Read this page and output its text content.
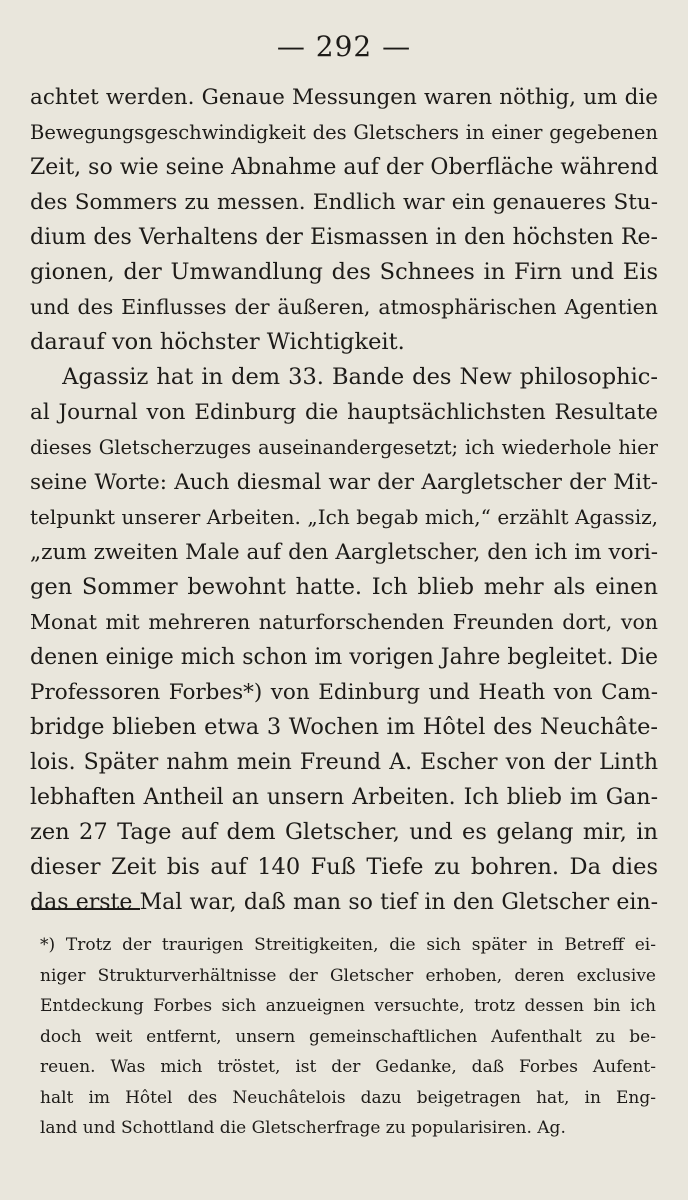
— 292 —
achtet werden. Genaue Messungen waren nöthig, um die
Bewegungsgeschwindigkeit des Gletschers in einer gegebenen
Zeit, so wie seine Abnahme auf der Oberfläche während
des Sommers zu messen. Endlich war ein genaueres Stu-
dium des Verhaltens der Eismassen in den höchsten Re-
gionen, der Umwandlung des Schnees in Firn und Eis
und des Einflusses der äußeren, atmosphärischen Agentien
darauf von höchster Wichtigkeit.
Agassiz hat in dem 33. Bande des New philosophic-
al Journal von Edinburg die hauptsächlichsten Resultate
dieses Gletscherzuges auseinandergesetzt; ich wiederhole hier
seine Worte: Auch diesmal war der Aargletscher der Mit-
telpunkt unserer Arbeiten. „Ich begab mich,“ erzählt Agassiz,
„zum zweiten Male auf den Aargletscher, den ich im vori-
gen Sommer bewohnt hatte. Ich blieb mehr als einen
Monat mit mehreren naturforschenden Freunden dort, von
denen einige mich schon im vorigen Jahre begleitet. Die
Professoren Forbes*) von Edinburg und Heath von Cam-
bridge blieben etwa 3 Wochen im Hôtel des Neuchâte-
lois. Später nahm mein Freund A. Escher von der Linth
lebhaften Antheil an unsern Arbeiten. Ich blieb im Gan-
zen 27 Tage auf dem Gletscher, und es gelang mir, in
dieser Zeit bis auf 140 Fuß Tiefe zu bohren. Da dies
das erste Mal war, daß man so tief in den Gletscher ein-
*) Trotz der traurigen Streitigkeiten, die sich später in Betreff ei-
niger Strukturverhältnisse der Gletscher erhoben, deren exclusive
Entdeckung Forbes sich anzueignen versuchte, trotz dessen bin ich
doch weit entfernt, unsern gemeinschaftlichen Aufenthalt zu be-
reuen. Was mich tröstet, ist der Gedanke, daß Forbes Aufent-
halt im Hôtel des Neuchâtelois dazu beigetragen hat, in Eng-
land und Schottland die Gletscherfrage zu popularisiren. Ag.
